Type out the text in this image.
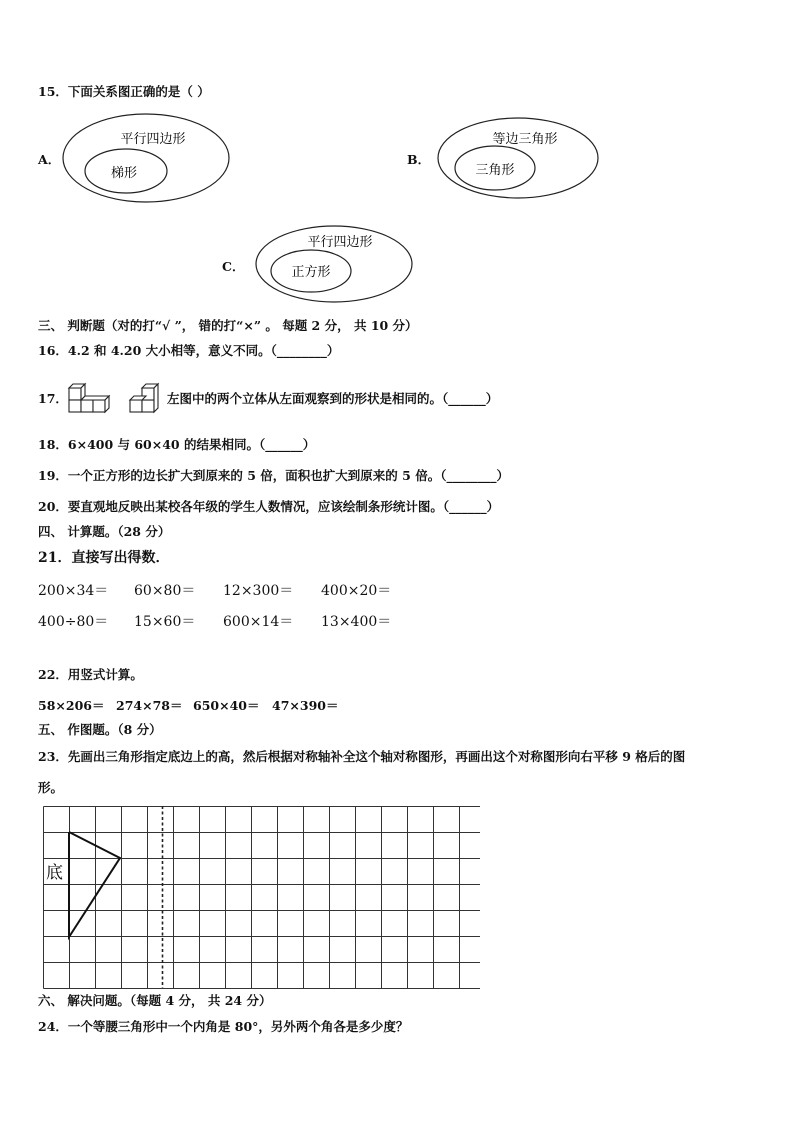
15．下面关系图正确的是（ ）
A．
平行四边形
梯形
B．
等边三角形
三角形
C．
平行四边形
正方形
三、 判断题（对的打“√ ”， 错的打“×” 。 每题 2 分， 共 10 分）
16．4.2 和 4.20 大小相等，意义不同。（________）
17．	左图中的两个立体从左面观察到的形状是相同的。（______）
18．6×400 与 60×40 的结果相同。（______）
19．一个正方形的边长扩大到原来的 5 倍，面积也扩大到原来的 5 倍。（________）
20．要直观地反映出某校各年级的学生人数情况，应该绘制条形统计图。（______）
四、 计算题。（28 分）
21．直接写出得数．
200×34＝ 60×80＝ 12×300＝ 400×20＝
400÷80＝ 15×60＝ 600×14＝ 13×400＝
22．用竖式计算。
58×206＝ 274×78＝ 650×40＝ 47×390＝
五、 作图题。（8 分）
23．先画出三角形指定底边上的高，然后根据对称轴补全这个轴对称图形，再画出这个对称图形向右平移 9 格后的图
形。
底
六、 解决问题。（每题 4 分， 共 24 分）
24．一个等腰三角形中一个内角是 80°，另外两个角各是多少度？
